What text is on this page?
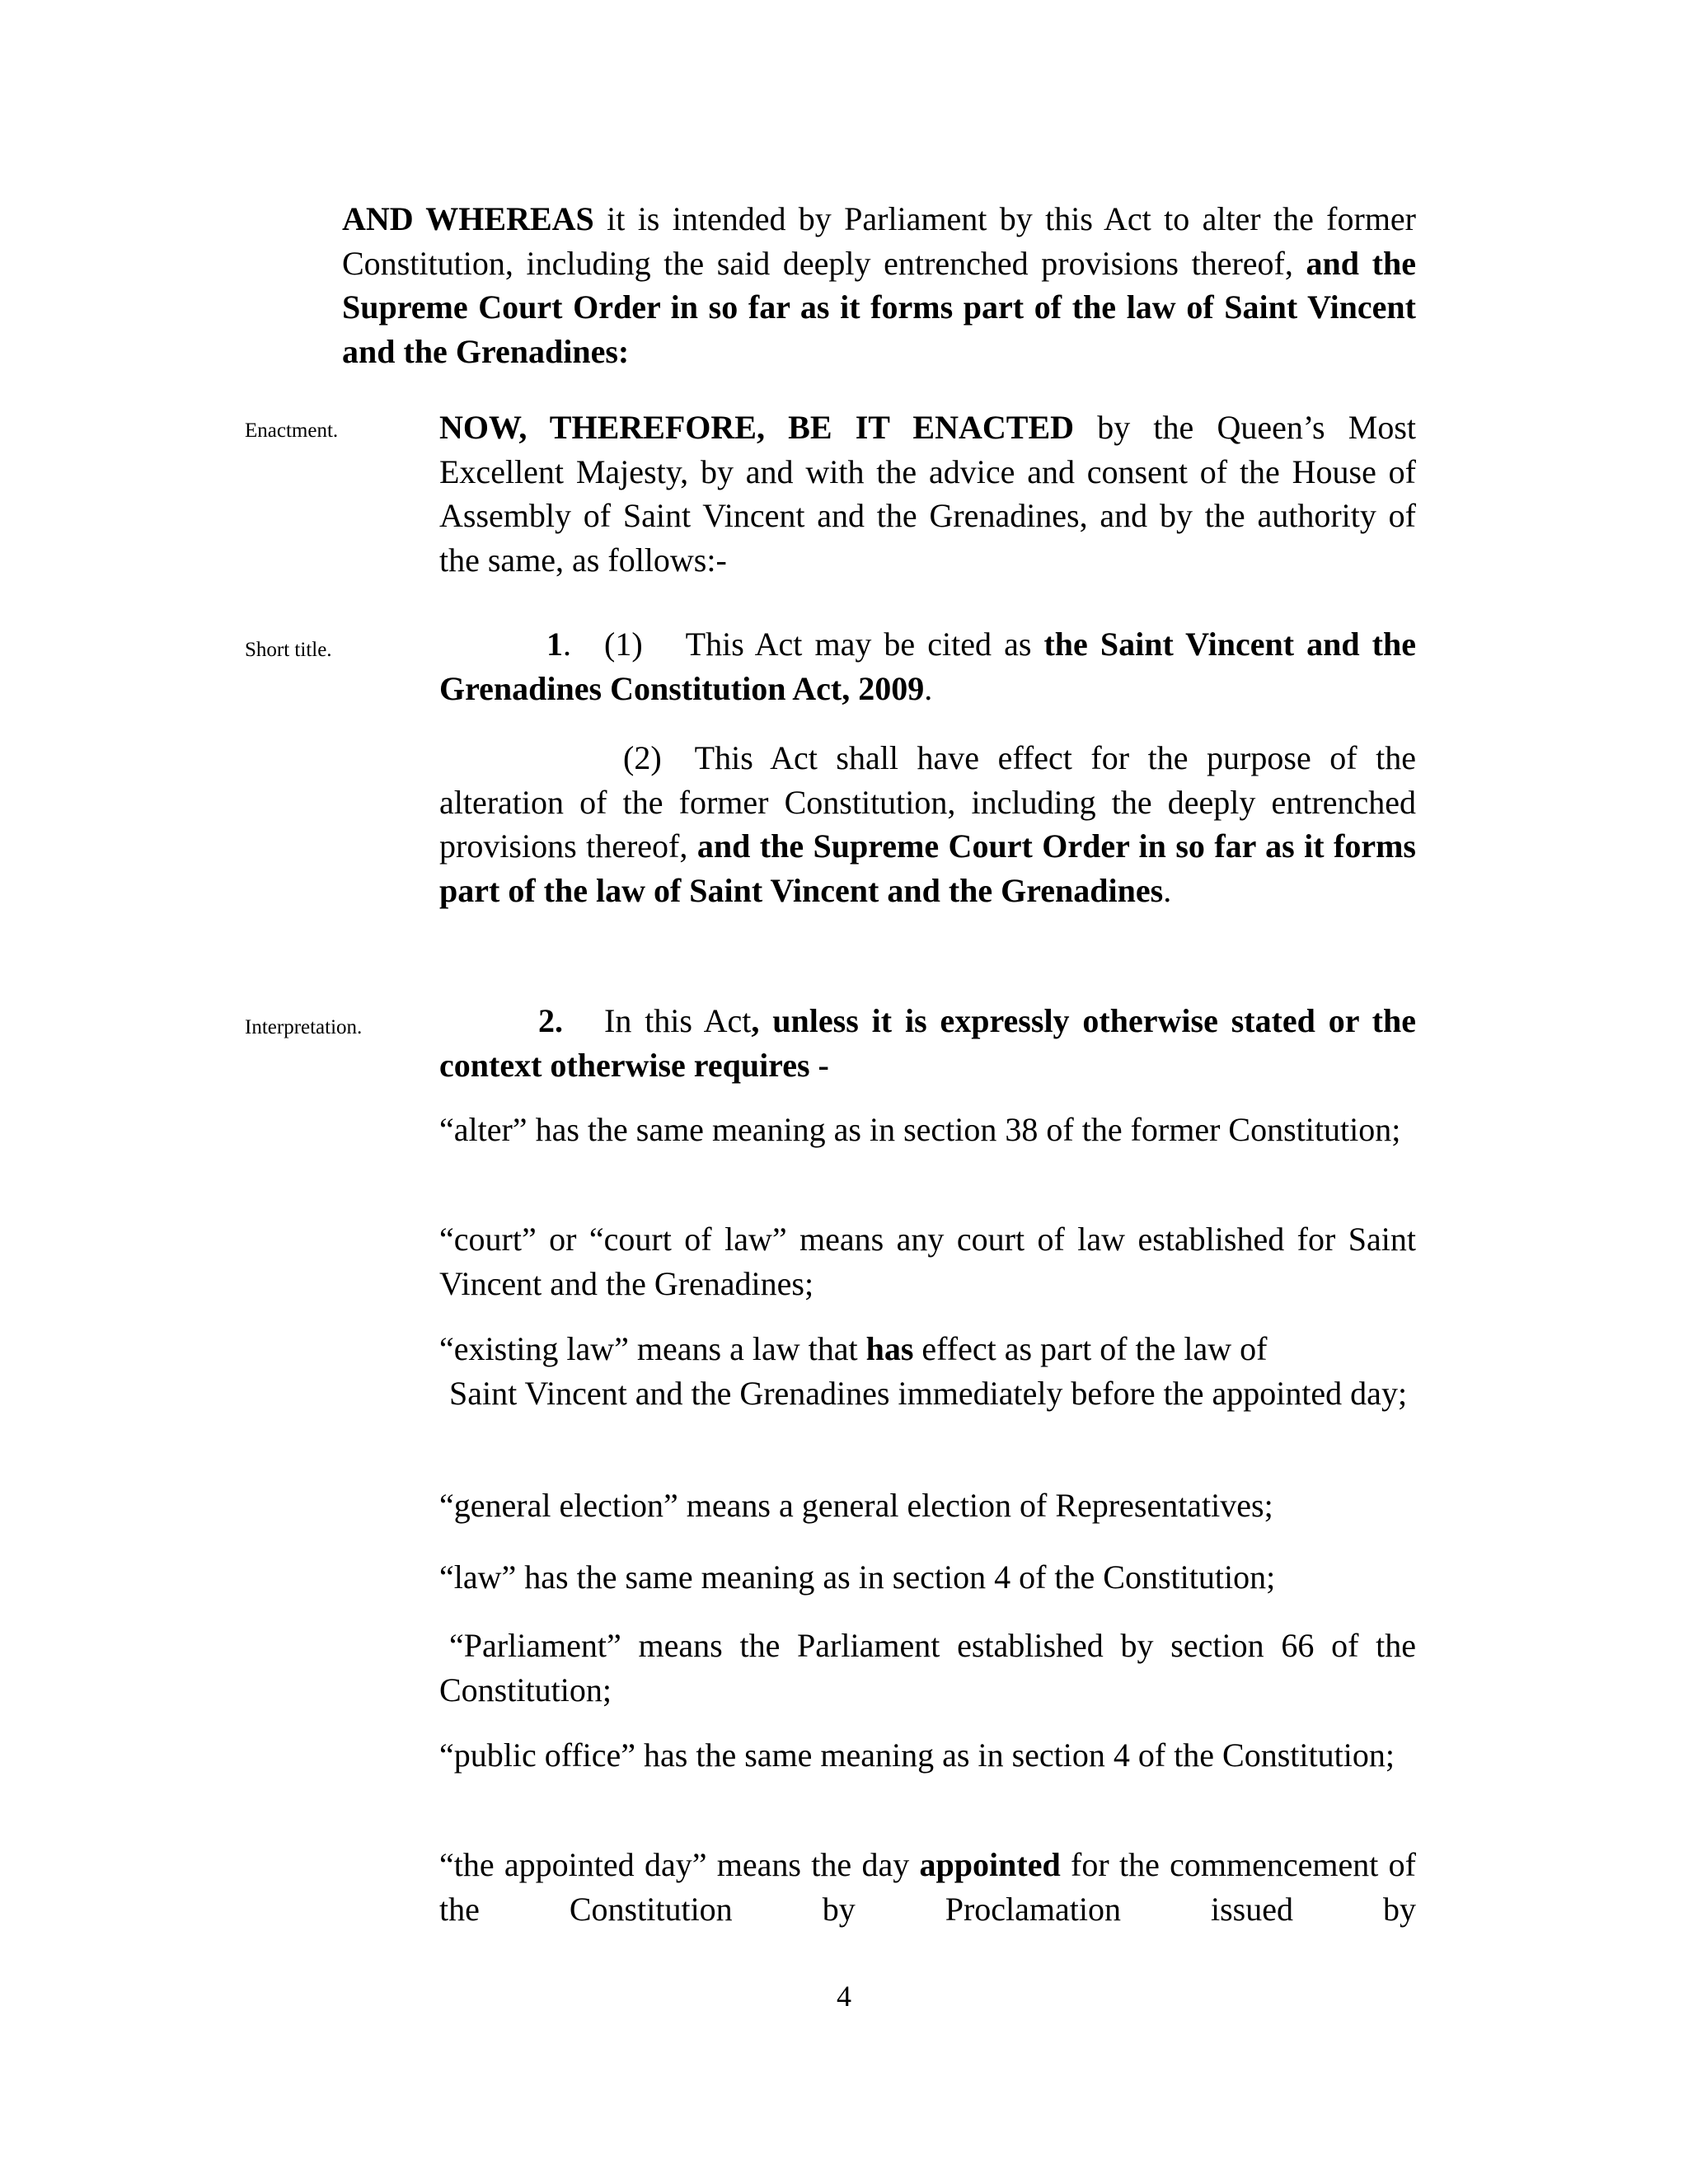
AND WHEREAS it is intended by Parliament by this Act to alter the former Constitution, including the said deeply entrenched provisions thereof, and the Supreme Court Order in so far as it forms part of the law of Saint Vincent and the Grenadines:

Enactment.	NOW, THEREFORE, BE IT ENACTED by the Queen’s Most Excellent Majesty, by and with the advice and consent of the House of Assembly of Saint Vincent and the Grenadines, and by the authority of the same, as follows:-

Short title.	1. (1) This Act may be cited as the Saint Vincent and the Grenadines Constitution Act, 2009.

(2) This Act shall have effect for the purpose of the alteration of the former Constitution, including the deeply entrenched provisions thereof, and the Supreme Court Order in so far as it forms part of the law of Saint Vincent and the Grenadines.

Interpretation.	2. In this Act, unless it is expressly otherwise stated or the context otherwise requires -

“alter” has the same meaning as in section 38 of the former Constitution;

“court” or “court of law” means any court of law established for Saint Vincent and the Grenadines;

“existing law” means a law that has effect as part of the law of

Saint Vincent and the Grenadines immediately before the appointed day;

“general election” means a general election of Representatives;

“law” has the same meaning as in section 4 of the Constitution;

“Parliament” means the Parliament established by section 66 of the Constitution;

“public office” has the same meaning as in section 4 of the Constitution;

“the appointed day” means the day appointed for the commencement of the Constitution by Proclamation issued by

4
